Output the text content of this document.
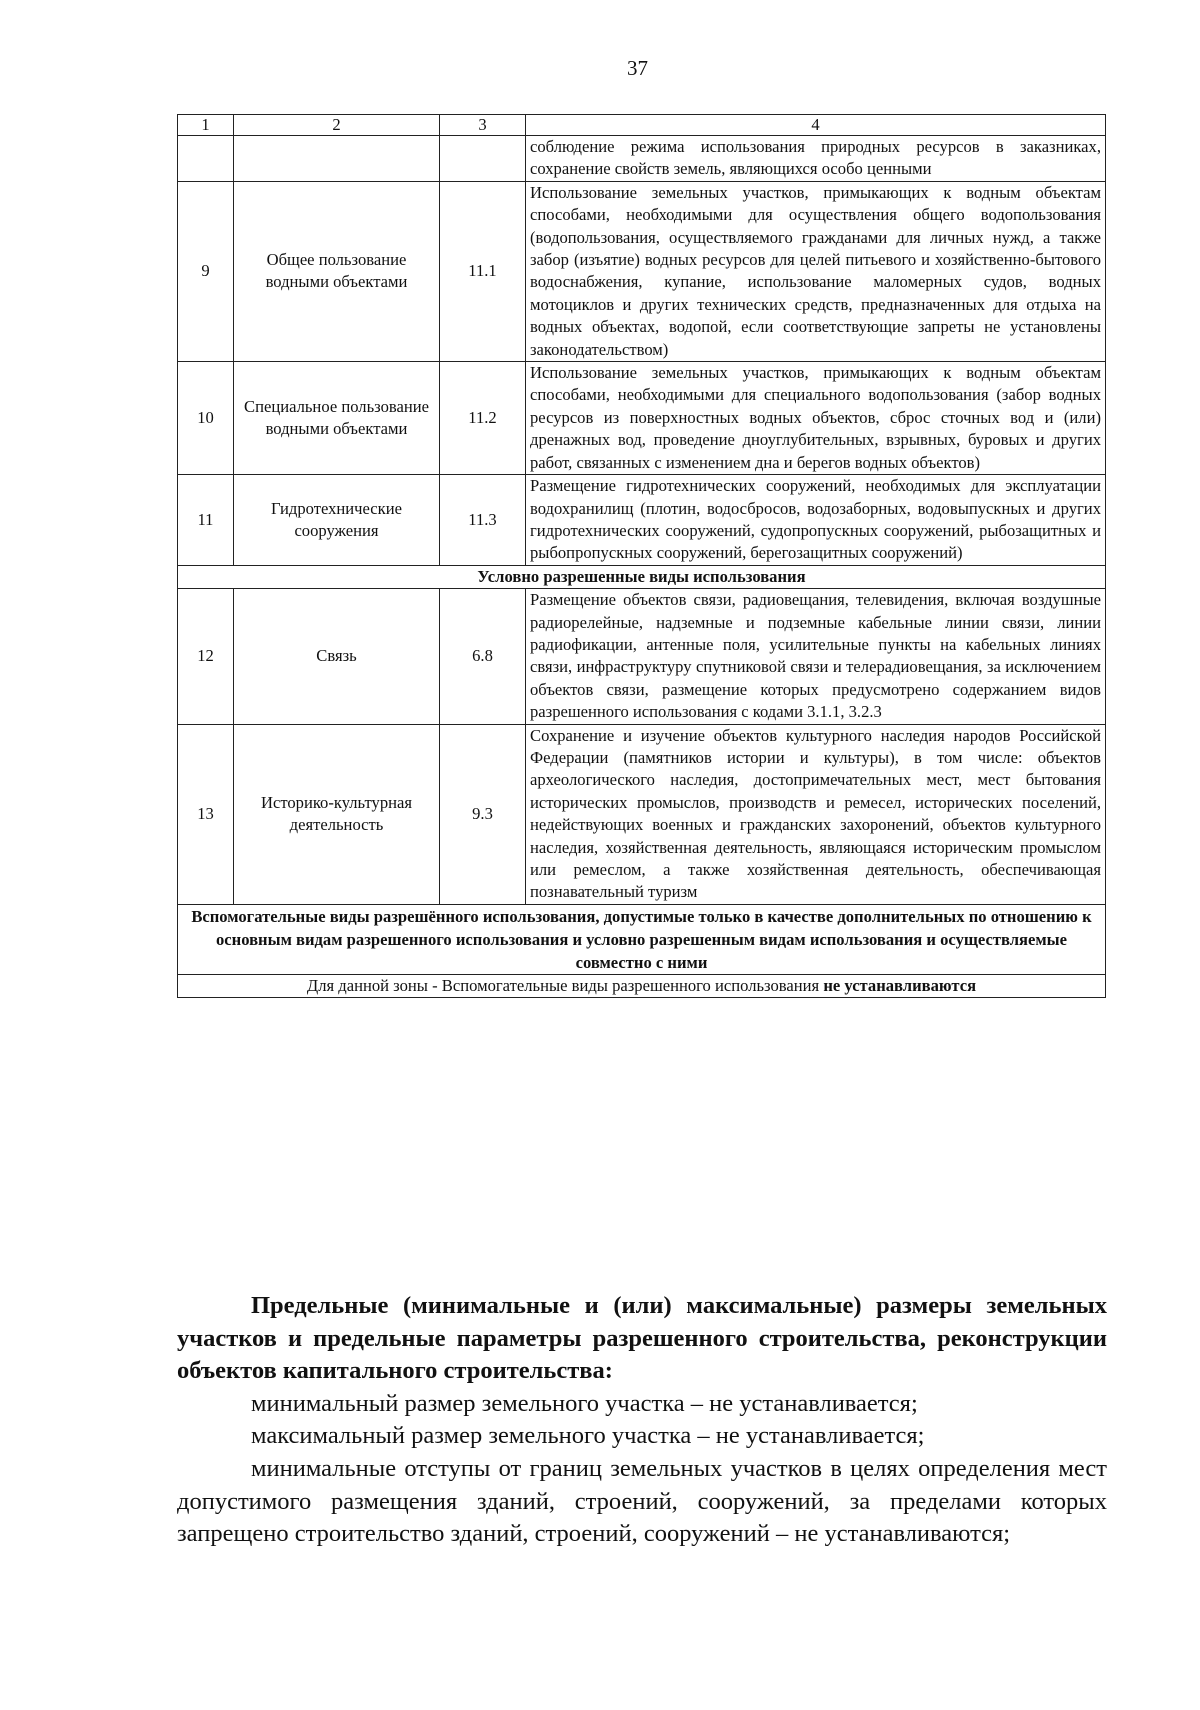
37
1	2	3	4
			соблюдение режима использования природных ресурсов в заказниках, сохранение свойств земель, являющихся особо ценными
9	Общее пользование водными объектами	11.1	Использование земельных участков, примыкающих к водным объектам способами, необходимыми для осуществления общего водопользования (водопользования, осуществляемого гражданами для личных нужд, а также забор (изъятие) водных ресурсов для целей питьевого и хозяйственно-бытового водоснабжения, купание, использование маломерных судов, водных мотоциклов и других технических средств, предназначенных для отдыха на водных объектах, водопой, если соответствующие запреты не установлены законодательством)
10	Специальное пользование водными объектами	11.2	Использование земельных участков, примыкающих к водным объектам способами, необходимыми для специального водопользования (забор водных ресурсов из поверхностных водных объектов, сброс сточных вод и (или) дренажных вод, проведение дноуглубительных, взрывных, буровых и других работ, связанных с изменением дна и берегов водных объектов)
11	Гидротехнические сооружения	11.3	Размещение гидротехнических сооружений, необходимых для эксплуатации водохранилищ (плотин, водосбросов, водозаборных, водовыпускных и других гидротехнических сооружений, судопропускных сооружений, рыбозащитных и рыбопропускных сооружений, берегозащитных сооружений)
Условно разрешенные виды использования			
12	Связь	6.8	Размещение объектов связи, радиовещания, телевидения, включая воздушные радиорелейные, надземные и подземные кабельные линии связи, линии радиофикации, антенные поля, усилительные пункты на кабельных линиях связи, инфраструктуру спутниковой связи и телерадиовещания, за исключением объектов связи, размещение которых предусмотрено содержанием видов разрешенного использования с кодами 3.1.1, 3.2.3
13	Историко-культурная деятельность	9.3	Сохранение и изучение объектов культурного наследия народов Российской Федерации (памятников истории и культуры), в том числе: объектов археологического наследия, достопримечательных мест, мест бытования исторических промыслов, производств и ремесел, исторических поселений, недействующих военных и гражданских захоронений, объектов культурного наследия, хозяйственная деятельность, являющаяся историческим промыслом или ремеслом, а также хозяйственная деятельность, обеспечивающая познавательный туризм
Вспомогательные виды разрешённого использования, допустимые только в качестве дополнительных по отношению к основным видам разрешенного использования и условно разрешенным видам использования и осуществляемые совместно с ними			
Для данной зоны - Вспомогательные виды разрешенного использования не устанавливаются			

Предельные (минимальные и (или) максимальные) размеры земельных участков и предельные параметры разрешенного строительства, реконструкции объектов капитального строительства:

минимальный размер земельного участка – не устанавливается;

максимальный размер земельного участка – не устанавливается;

минимальные отступы от границ земельных участков в целях определения мест допустимого размещения зданий, строений, сооружений, за пределами которых запрещено строительство зданий, строений, сооружений – не устанавливаются;
